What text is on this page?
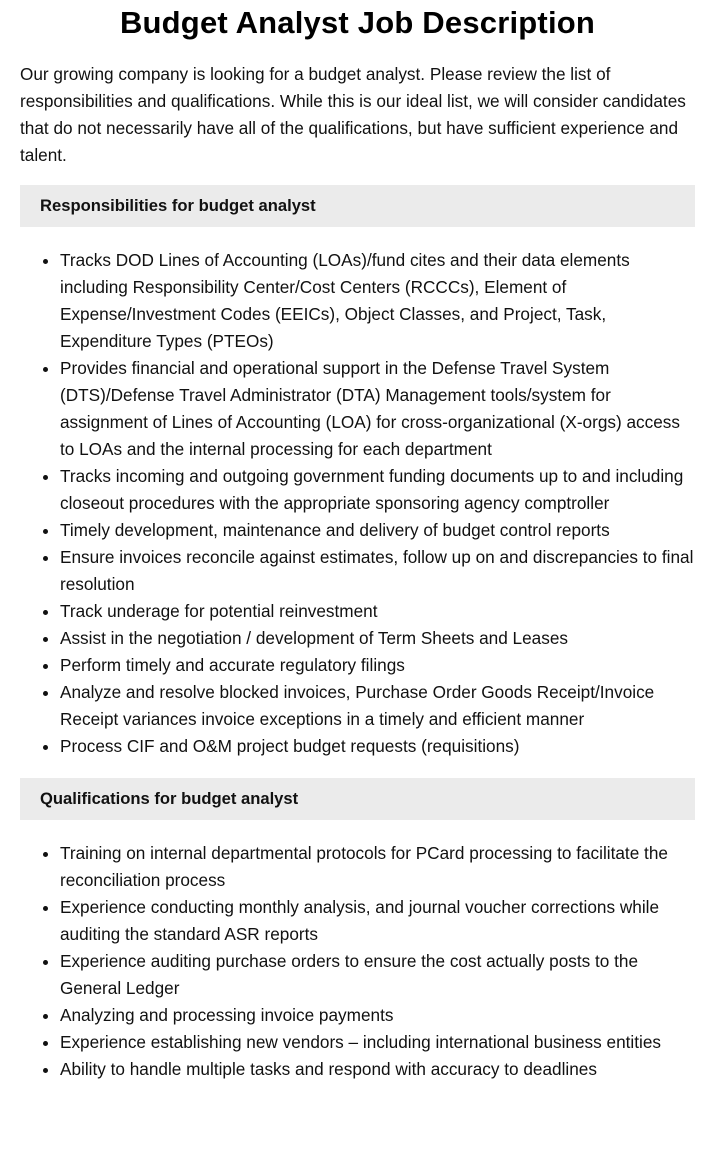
Budget Analyst Job Description

Our growing company is looking for a budget analyst. Please review the list of responsibilities and qualifications. While this is our ideal list, we will consider candidates that do not necessarily have all of the qualifications, but have sufficient experience and talent.

Responsibilities for budget analyst
• Tracks DOD Lines of Accounting (LOAs)/fund cites and their data elements including Responsibility Center/Cost Centers (RCCCs), Element of Expense/Investment Codes (EEICs), Object Classes, and Project, Task, Expenditure Types (PTEOs)
• Provides financial and operational support in the Defense Travel System (DTS)/Defense Travel Administrator (DTA) Management tools/system for assignment of Lines of Accounting (LOA) for cross-organizational (X-orgs) access to LOAs and the internal processing for each department
• Tracks incoming and outgoing government funding documents up to and including closeout procedures with the appropriate sponsoring agency comptroller
• Timely development, maintenance and delivery of budget control reports
• Ensure invoices reconcile against estimates, follow up on and discrepancies to final resolution
• Track underage for potential reinvestment
• Assist in the negotiation / development of Term Sheets and Leases
• Perform timely and accurate regulatory filings
• Analyze and resolve blocked invoices, Purchase Order Goods Receipt/Invoice Receipt variances invoice exceptions in a timely and efficient manner
• Process CIF and O&M project budget requests (requisitions)
Qualifications for budget analyst
• Training on internal departmental protocols for PCard processing to facilitate the reconciliation process
• Experience conducting monthly analysis, and journal voucher corrections while auditing the standard ASR reports
• Experience auditing purchase orders to ensure the cost actually posts to the General Ledger
• Analyzing and processing invoice payments
• Experience establishing new vendors – including international business entities
• Ability to handle multiple tasks and respond with accuracy to deadlines
